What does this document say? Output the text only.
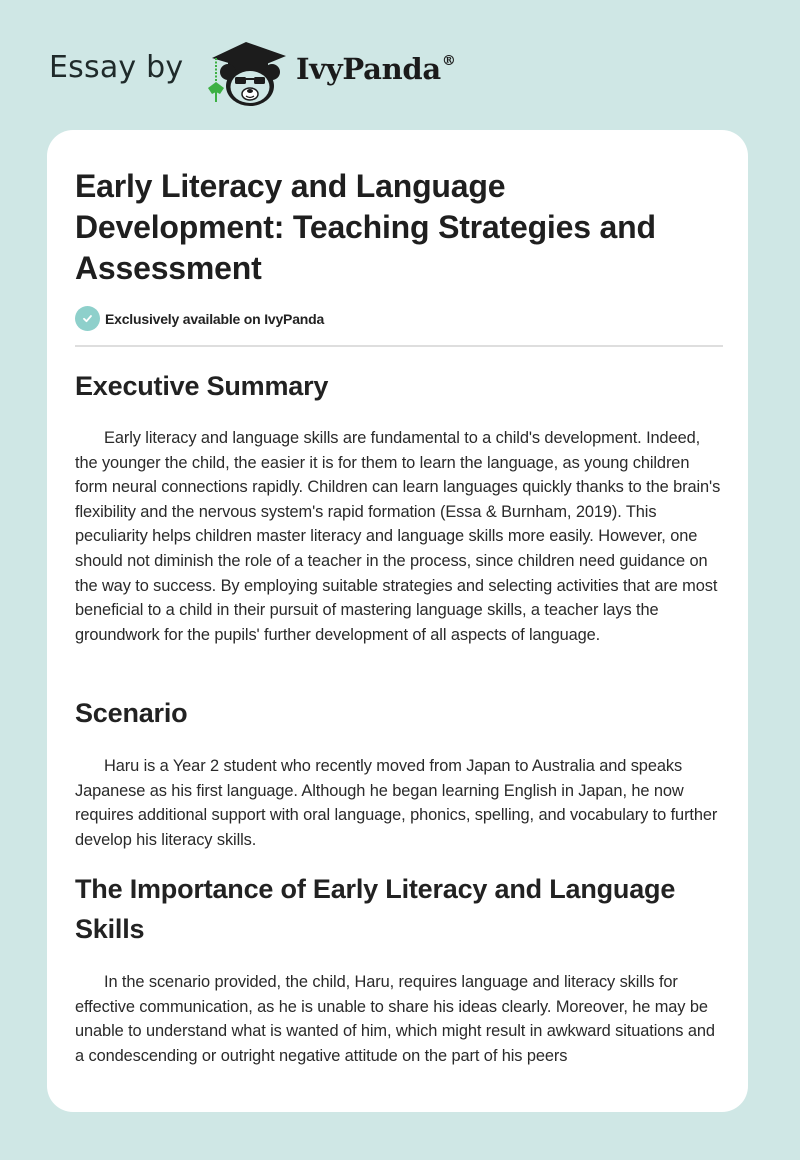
Essay by	IvyPanda®
Early Literacy and Language Development: Teaching Strategies and Assessment
Exclusively available on IvyPanda
Executive Summary

Early literacy and language skills are fundamental to a child's development. Indeed, the younger the child, the easier it is for them to learn the language, as young children form neural connections rapidly. Children can learn languages quickly thanks to the brain's flexibility and the nervous system's rapid formation (Essa & Burnham, 2019). This peculiarity helps children master literacy and language skills more easily. However, one should not diminish the role of a teacher in the process, since children need guidance on the way to success. By employing suitable strategies and selecting activities that are most beneficial to a child in their pursuit of mastering language skills, a teacher lays the groundwork for the pupils' further development of all aspects of language.

Scenario

Haru is a Year 2 student who recently moved from Japan to Australia and speaks Japanese as his first language. Although he began learning English in Japan, he now requires additional support with oral language, phonics, spelling, and vocabulary to further develop his literacy skills.

The Importance of Early Literacy and Language Skills

In the scenario provided, the child, Haru, requires language and literacy skills for effective communication, as he is unable to share his ideas clearly. Moreover, he may be unable to understand what is wanted of him, which might result in awkward situations and a condescending or outright negative attitude on the part of his peers
